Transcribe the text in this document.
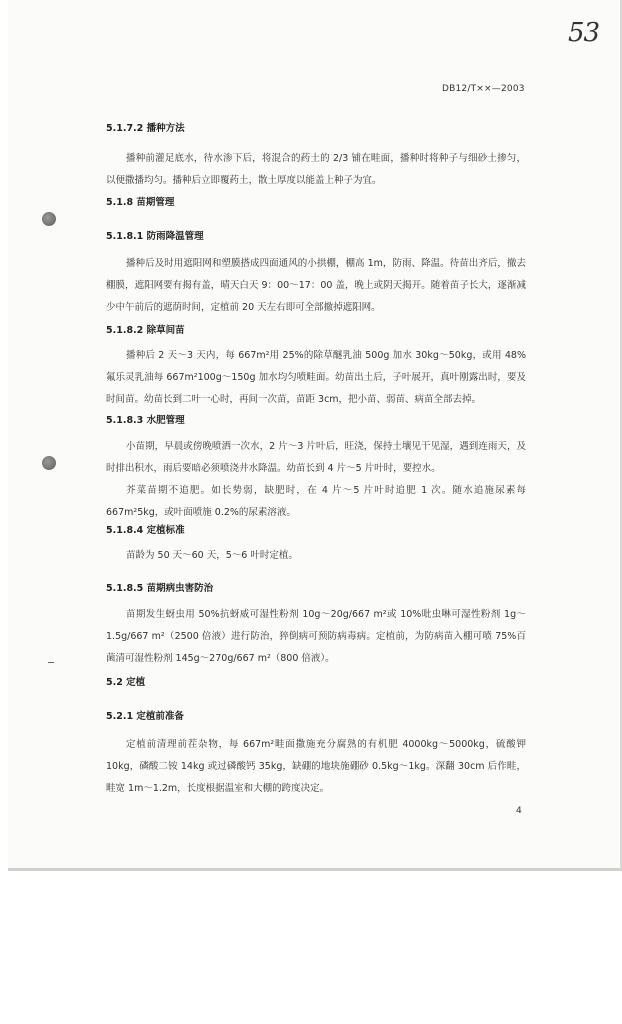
53
DB12/T××—2003
5.1.7.2 播种方法

播种前灌足底水，待水渗下后，将混合的药土的 2/3 铺在畦面，播种时将种子与细砂土掺匀，以便撒播均匀。播种后立即覆药土，散土厚度以能盖上种子为宜。

5.1.8 苗期管理
5.1.8.1 防雨降温管理

播种后及时用遮阳网和塑膜搭成四面通风的小拱棚，棚高 1m，防雨、降温。待苗出齐后，撤去棚膜，遮阳网要有揭有盖，晴天白天 9：00～17：00 盖，晚上或阴天揭开。随着苗子长大，逐渐减少中午前后的遮荫时间，定植前 20 天左右即可全部撤掉遮阳网。

5.1.8.2 除草间苗

播种后 2 天～3 天内，每 667m²用 25%的除草醚乳油 500g 加水 30kg～50kg，或用 48%氟乐灵乳油每 667m²100g～150g 加水均匀喷畦面。幼苗出土后，子叶展开，真叶刚露出时，要及时间苗。幼苗长到二叶一心时，再间一次苗，苗距 3cm，把小苗、弱苗、病苗全部去掉。

5.1.8.3 水肥管理

小苗期，早晨或傍晚喷洒一次水，2 片～3 片叶后，旺浇，保持土壤见干见湿，遇到连雨天，及时排出积水，雨后要暗必须喷浇井水降温。幼苗长到 4 片～5 片叶时，要控水。

芥菜苗期不追肥。如长势弱，缺肥时，在 4 片～5 片叶时追肥 1 次。随水追施尿素每 667m²5kg，或叶面喷施 0.2%的尿素溶液。

5.1.8.4 定植标准

苗龄为 50 天～60 天，5～6 叶时定植。

5.1.8.5 苗期病虫害防治

苗期发生蚜虫用 50%抗蚜威可湿性粉剂 10g～20g/667 m²或 10%吡虫啉可湿性粉剂 1g～1.5g/667 m²（2500 倍液）进行防治，猝倒病可预防病毒病。定植前，为防病苗入棚可喷 75%百菌清可湿性粉剂 145g～270g/667 m²（800 倍液）。

5.2 定植
5.2.1 定植前准备

定植前清理前茬杂物，每 667m²畦面撒施充分腐熟的有机肥 4000kg～5000kg，硫酸钾 10kg，磷酸二铵 14kg 或过磷酸钙 35kg，缺硼的地块施硼砂 0.5kg～1kg。深翻 30cm 后作畦，畦宽 1m～1.2m，长度根据温室和大棚的跨度决定。

4
